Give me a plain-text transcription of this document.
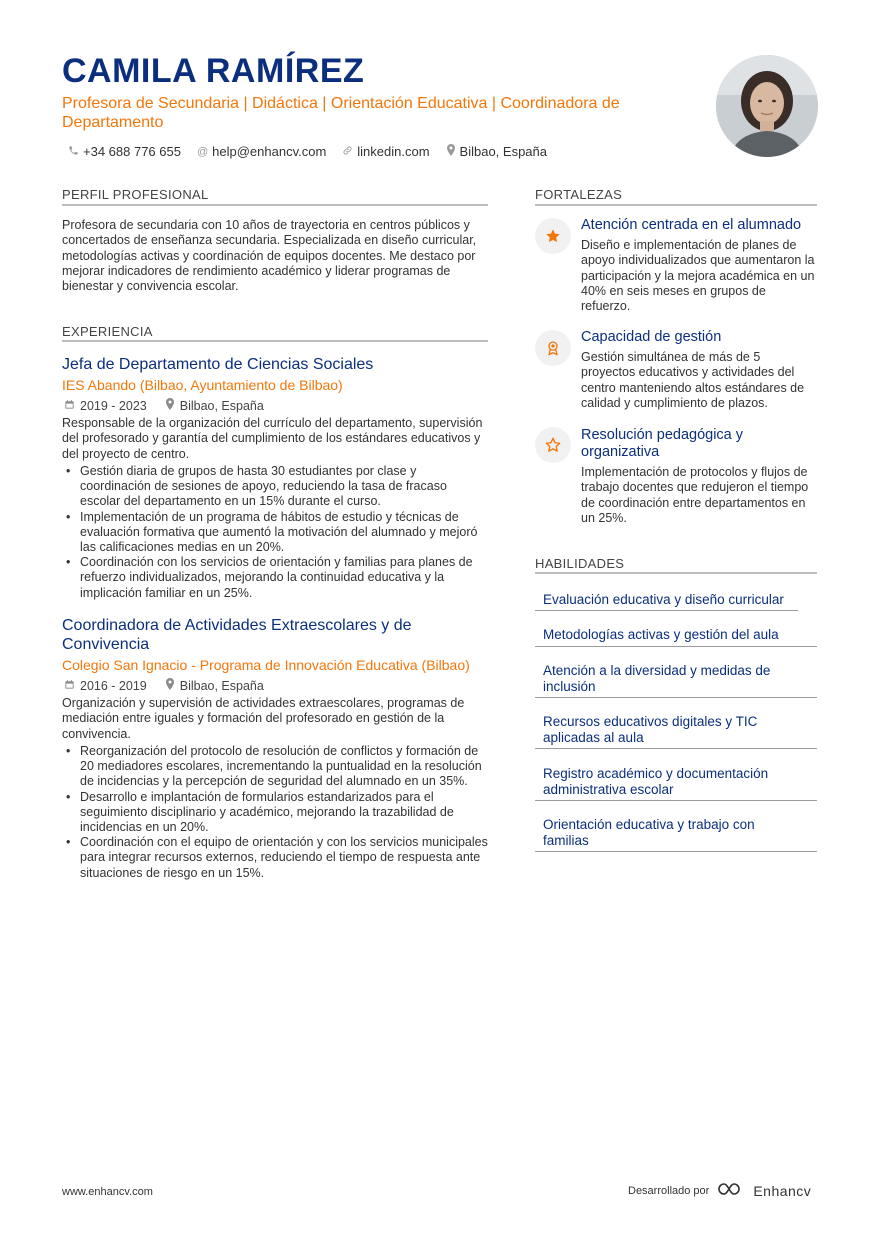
CAMILA RAMÍREZ
Profesora de Secundaria | Didáctica | Orientación Educativa | Coordinadora de Departamento
+34 688 776 655 @ help@enhancv.com linkedin.com Bilbao, España
PERFIL PROFESIONAL
Profesora de secundaria con 10 años de trayectoria en centros públicos y concertados de enseñanza secundaria. Especializada en diseño curricular, metodologías activas y coordinación de equipos docentes. Me destaco por mejorar indicadores de rendimiento académico y liderar programas de bienestar y convivencia escolar.
EXPERIENCIA
Jefa de Departamento de Ciencias Sociales
IES Abando (Bilbao, Ayuntamiento de Bilbao)
2019 - 2023	Bilbao, España
Responsable de la organización del currículo del departamento, supervisión del profesorado y garantía del cumplimiento de los estándares educativos y del proyecto de centro.
• Gestión diaria de grupos de hasta 30 estudiantes por clase y coordinación de sesiones de apoyo, reduciendo la tasa de fracaso escolar del departamento en un 15% durante el curso.
• Implementación de un programa de hábitos de estudio y técnicas de evaluación formativa que aumentó la motivación del alumnado y mejoró las calificaciones medias en un 20%.
• Coordinación con los servicios de orientación y familias para planes de refuerzo individualizados, mejorando la continuidad educativa y la implicación familiar en un 25%.
Coordinadora de Actividades Extraescolares y de Convivencia
Colegio San Ignacio - Programa de Innovación Educativa (Bilbao)
2016 - 2019	Bilbao, España
Organización y supervisión de actividades extraescolares, programas de mediación entre iguales y formación del profesorado en gestión de la convivencia.
• Reorganización del protocolo de resolución de conflictos y formación de 20 mediadores escolares, incrementando la puntualidad en la resolución de incidencias y la percepción de seguridad del alumnado en un 35%.
• Desarrollo e implantación de formularios estandarizados para el seguimiento disciplinario y académico, mejorando la trazabilidad de incidencias en un 20%.
• Coordinación con el equipo de orientación y con los servicios municipales para integrar recursos externos, reduciendo el tiempo de respuesta ante situaciones de riesgo en un 15%.
FORTALEZAS
Atención centrada en el alumnado
Diseño e implementación de planes de apoyo individualizados que aumentaron la participación y la mejora académica en un 40% en seis meses en grupos de refuerzo.
Capacidad de gestión
Gestión simultánea de más de 5 proyectos educativos y actividades del centro manteniendo altos estándares de calidad y cumplimiento de plazos.
Resolución pedagógica y organizativa
Implementación de protocolos y flujos de trabajo docentes que redujeron el tiempo de coordinación entre departamentos en un 25%.
HABILIDADES
Evaluación educativa y diseño curricular
Metodologías activas y gestión del aula
Atención a la diversidad y medidas de inclusión
Recursos educativos digitales y TIC aplicadas al aula
Registro académico y documentación administrativa escolar
Orientación educativa y trabajo con familias
www.enhancv.com	Desarrollado por	Enhancv
